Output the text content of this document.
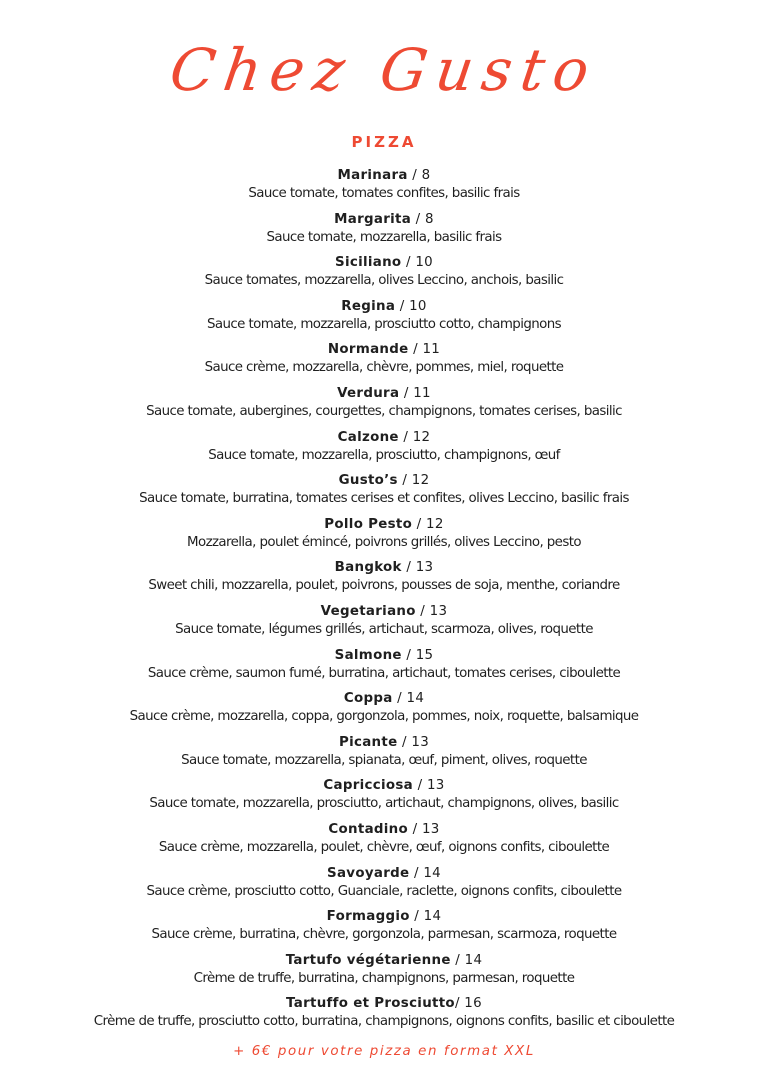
Chez Gusto
PIZZA
Marinara / 8
Sauce tomate, tomates confites, basilic frais
Margarita / 8
Sauce tomate, mozzarella, basilic frais
Siciliano / 10
Sauce tomates, mozzarella, olives Leccino, anchois, basilic
Regina / 10
Sauce tomate, mozzarella, prosciutto cotto, champignons
Normande / 11
Sauce crème, mozzarella, chèvre, pommes, miel, roquette
Verdura / 11
Sauce tomate, aubergines, courgettes, champignons, tomates cerises, basilic
Calzone / 12
Sauce tomate, mozzarella, prosciutto, champignons, œuf
Gusto’s / 12
Sauce tomate, burratina, tomates cerises et confites, olives Leccino, basilic frais
Pollo Pesto / 12
Mozzarella, poulet émincé, poivrons grillés, olives Leccino, pesto
Bangkok / 13
Sweet chili, mozzarella, poulet, poivrons, pousses de soja, menthe, coriandre
Vegetariano / 13
Sauce tomate, légumes grillés, artichaut, scarmoza, olives, roquette
Salmone / 15
Sauce crème, saumon fumé, burratina, artichaut, tomates cerises, ciboulette
Coppa / 14
Sauce crème, mozzarella, coppa, gorgonzola, pommes, noix, roquette, balsamique
Picante / 13
Sauce tomate, mozzarella, spianata, œuf, piment, olives, roquette
Capricciosa / 13
Sauce tomate, mozzarella, prosciutto, artichaut, champignons, olives, basilic
Contadino / 13
Sauce crème, mozzarella, poulet, chèvre, œuf, oignons confits, ciboulette
Savoyarde / 14
Sauce crème, prosciutto cotto, Guanciale, raclette, oignons confits, ciboulette
Formaggio / 14
Sauce crème, burratina, chèvre, gorgonzola, parmesan, scarmoza, roquette
Tartufo végétarienne / 14
Crème de truffe, burratina, champignons, parmesan, roquette
Tartuffo et Prosciutto/ 16
Crème de truffe, prosciutto cotto, burratina, champignons, oignons confits, basilic et ciboulette
+ 6€ pour votre pizza en format XXL
